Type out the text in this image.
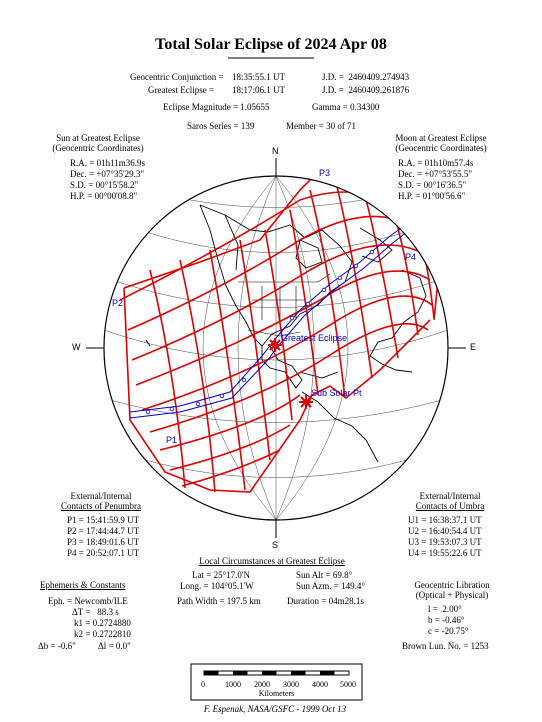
Total Solar Eclipse of 2024 Apr 08
Geocentric Conjunction = 18:35:55.1 UT	J.D. =  2460409.274943
Greatest Eclipse = 18:17:06.1 UT	J.D. =  2460409.261876
Eclipse Magnitude = 1.05655	Gamma = 0.34300
Saros Series = 139	Member = 30 of 71
Sun at Greatest Eclipse
(Geocentric Coordinates)
R.A. = 01h11m36.9s
Dec. = +07°35'29.3"
S.D. = 00°15'58.2"
H.P. = 00°00'08.8"
Moon at Greatest Eclipse
(Geocentric Coordinates)
R.A. = 01h10m57.4s
Dec. = +07°53'55.5"
S.D. = 00°16'36.5"
H.P. = 01°00'56.6"
N
S
W	E
P3
P4
P2
P1
Greatest Eclipse
Sub Solar Pt
External/Internal
Contacts of Penumbra
P1 = 15:41:59.9 UT
P2 = 17:44:44.7 UT
P3 = 18:49:01.6 UT
P4 = 20:52:07.1 UT
External/Internal
Contacts of Umbra
U1 = 16:38:37.1 UT
U2 = 16:40:54.4 UT
U3 = 19:53:07.3 UT
U4 = 19:55:22.6 UT
Local Circumstances at Greatest Eclipse
Lat = 25°17.0'N
Long. = 104°05.1'W
Sun Alt = 69.8°
Sun Azm. = 149.4°
Path Width = 197.5 km	Duration = 04m28.1s
Ephemeris & Constants
Eph. = Newcomb/ILE
ΔT =   88.3 s
k1 = 0.2724880
k2 = 0.2722810
Δb = -0.6" Δl = 0.0"
Geocentric Libration
(Optical + Physical)
l =  2.00°
b = -0.46°
c = -20.75°
Brown Lun. No. = 1253
0	1000 2000 3000 4000 5000
Kilometers
F. Espenak, NASA/GSFC - 1999 Oct 13
